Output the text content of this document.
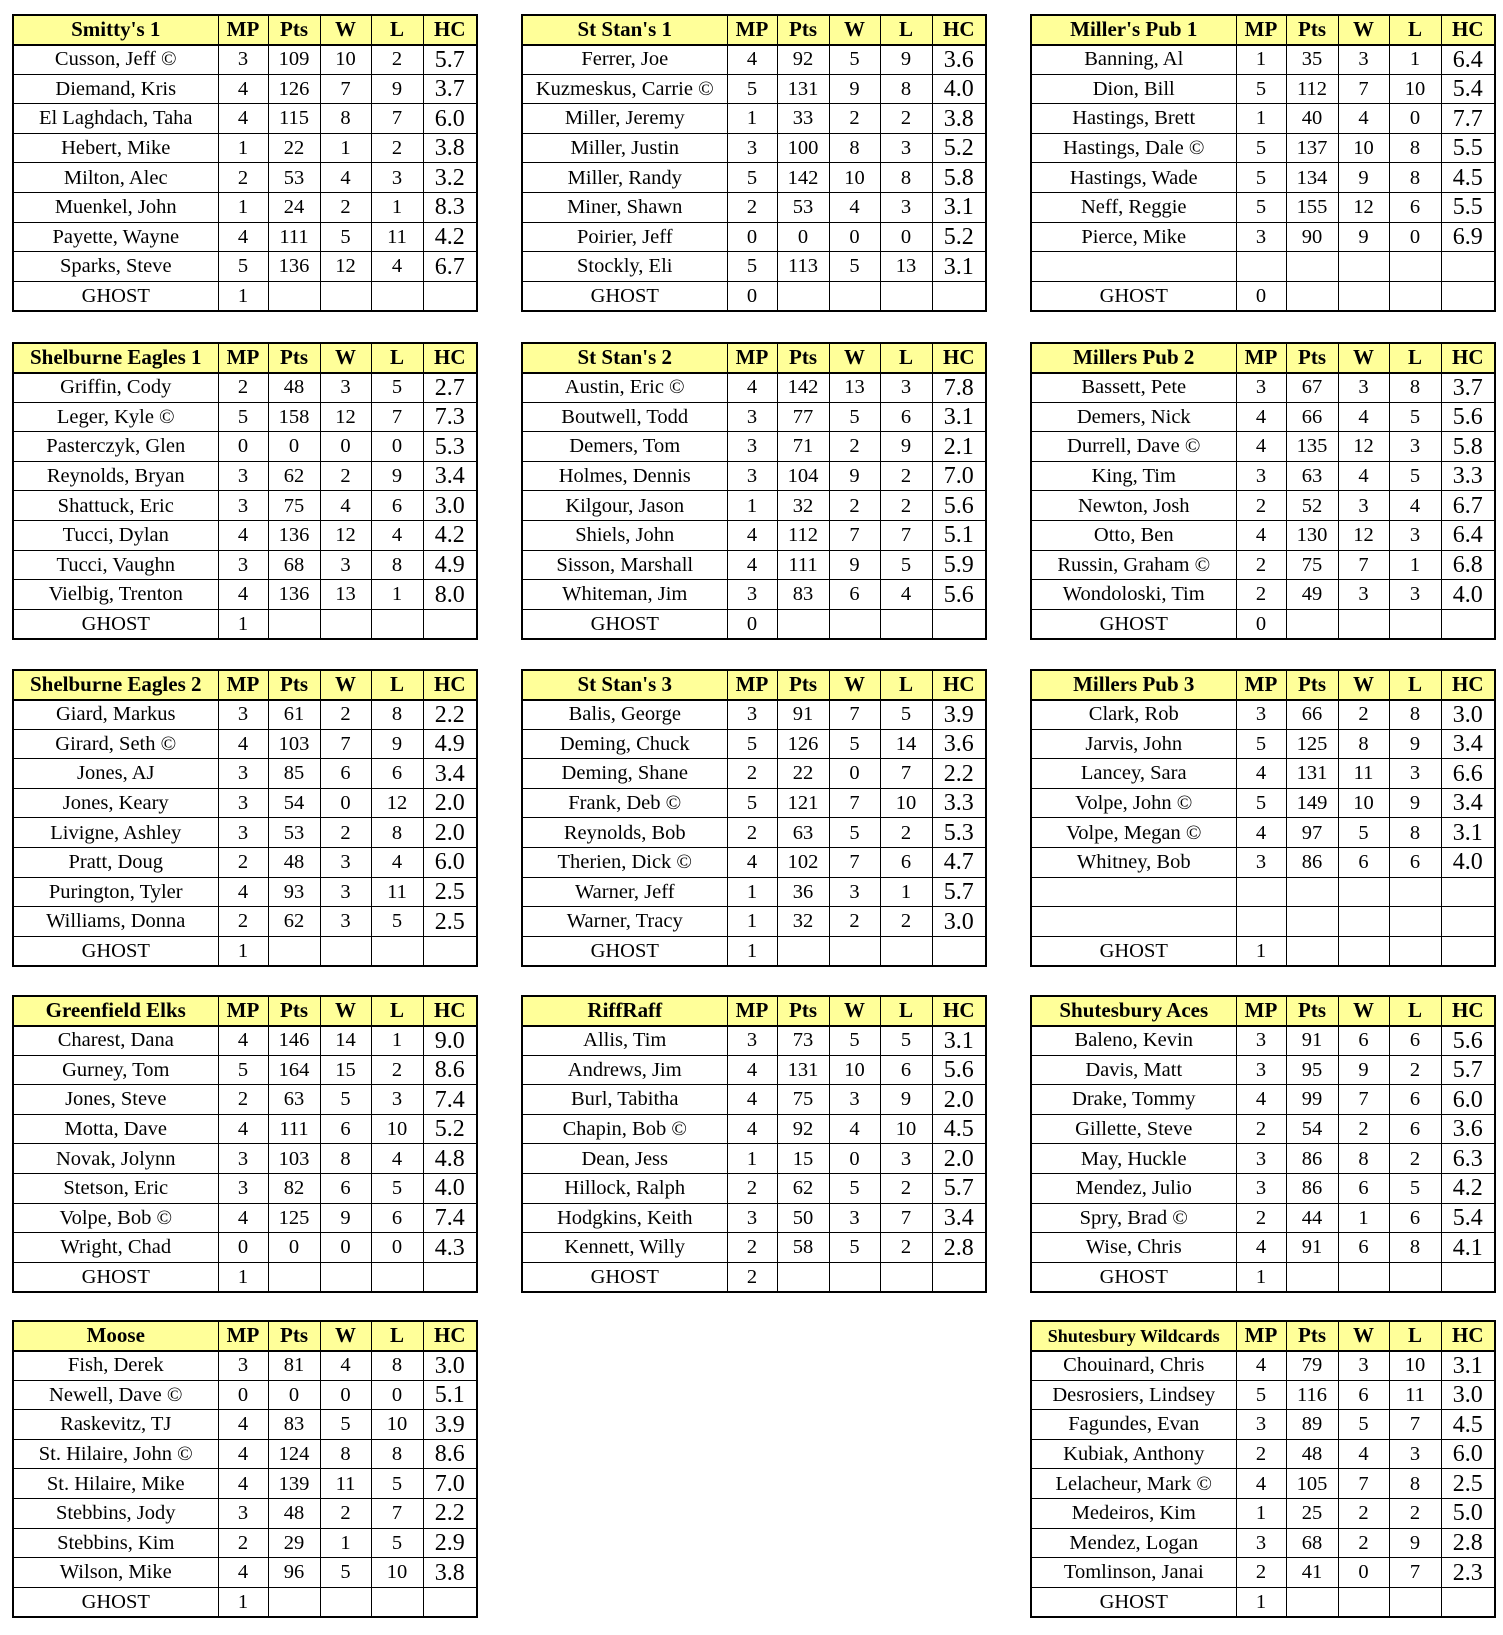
Smitty's 1	MP	Pts	W	L	HC
Cusson, Jeff ©	3	109	10	2	5.7
Diemand, Kris	4	126	7	9	3.7
El Laghdach, Taha	4	115	8	7	6.0
Hebert, Mike	1	22	1	2	3.8
Milton, Alec	2	53	4	3	3.2
Muenkel, John	1	24	2	1	8.3
Payette, Wayne	4	111	5	11	4.2
Sparks, Steve	5	136	12	4	6.7
GHOST	1				
St Stan's 1	MP	Pts	W	L	HC
Ferrer, Joe	4	92	5	9	3.6
Kuzmeskus, Carrie ©	5	131	9	8	4.0
Miller, Jeremy	1	33	2	2	3.8
Miller, Justin	3	100	8	3	5.2
Miller, Randy	5	142	10	8	5.8
Miner, Shawn	2	53	4	3	3.1
Poirier, Jeff	0	0	0	0	5.2
Stockly, Eli	5	113	5	13	3.1
GHOST	0				
Miller's Pub 1	MP	Pts	W	L	HC
Banning, Al	1	35	3	1	6.4
Dion, Bill	5	112	7	10	5.4
Hastings, Brett	1	40	4	0	7.7
Hastings, Dale ©	5	137	10	8	5.5
Hastings, Wade	5	134	9	8	4.5
Neff, Reggie	5	155	12	6	5.5
Pierce, Mike	3	90	9	0	6.9

GHOST	0				
Shelburne Eagles 1	MP	Pts	W	L	HC
Griffin, Cody	2	48	3	5	2.7
Leger, Kyle ©	5	158	12	7	7.3
Pasterczyk, Glen	0	0	0	0	5.3
Reynolds, Bryan	3	62	2	9	3.4
Shattuck, Eric	3	75	4	6	3.0
Tucci, Dylan	4	136	12	4	4.2
Tucci, Vaughn	3	68	3	8	4.9
Vielbig, Trenton	4	136	13	1	8.0
GHOST	1				
St Stan's 2	MP	Pts	W	L	HC
Austin, Eric ©	4	142	13	3	7.8
Boutwell, Todd	3	77	5	6	3.1
Demers, Tom	3	71	2	9	2.1
Holmes, Dennis	3	104	9	2	7.0
Kilgour, Jason	1	32	2	2	5.6
Shiels, John	4	112	7	7	5.1
Sisson, Marshall	4	111	9	5	5.9
Whiteman, Jim	3	83	6	4	5.6
GHOST	0				
Millers Pub 2	MP	Pts	W	L	HC
Bassett, Pete	3	67	3	8	3.7
Demers, Nick	4	66	4	5	5.6
Durrell, Dave ©	4	135	12	3	5.8
King, Tim	3	63	4	5	3.3
Newton, Josh	2	52	3	4	6.7
Otto, Ben	4	130	12	3	6.4
Russin, Graham ©	2	75	7	1	6.8
Wondoloski, Tim	2	49	3	3	4.0
GHOST	0				
Shelburne Eagles 2	MP	Pts	W	L	HC
Giard, Markus	3	61	2	8	2.2
Girard, Seth ©	4	103	7	9	4.9
Jones, AJ	3	85	6	6	3.4
Jones, Keary	3	54	0	12	2.0
Livigne, Ashley	3	53	2	8	2.0
Pratt, Doug	2	48	3	4	6.0
Purington, Tyler	4	93	3	11	2.5
Williams, Donna	2	62	3	5	2.5
GHOST	1				
St Stan's 3	MP	Pts	W	L	HC
Balis, George	3	91	7	5	3.9
Deming, Chuck	5	126	5	14	3.6
Deming, Shane	2	22	0	7	2.2
Frank, Deb ©	5	121	7	10	3.3
Reynolds, Bob	2	63	5	2	5.3
Therien, Dick ©	4	102	7	6	4.7
Warner, Jeff	1	36	3	1	5.7
Warner, Tracy	1	32	2	2	3.0
GHOST	1				
Millers Pub 3	MP	Pts	W	L	HC
Clark, Rob	3	66	2	8	3.0
Jarvis, John	5	125	8	9	3.4
Lancey, Sara	4	131	11	3	6.6
Volpe, John ©	5	149	10	9	3.4
Volpe, Megan ©	4	97	5	8	3.1
Whitney, Bob	3	86	6	6	4.0

GHOST	1				
Greenfield Elks	MP	Pts	W	L	HC
Charest, Dana	4	146	14	1	9.0
Gurney, Tom	5	164	15	2	8.6
Jones, Steve	2	63	5	3	7.4
Motta, Dave	4	111	6	10	5.2
Novak, Jolynn	3	103	8	4	4.8
Stetson, Eric	3	82	6	5	4.0
Volpe, Bob ©	4	125	9	6	7.4
Wright, Chad	0	0	0	0	4.3
GHOST	1				
RiffRaff	MP	Pts	W	L	HC
Allis, Tim	3	73	5	5	3.1
Andrews, Jim	4	131	10	6	5.6
Burl, Tabitha	4	75	3	9	2.0
Chapin, Bob ©	4	92	4	10	4.5
Dean, Jess	1	15	0	3	2.0
Hillock, Ralph	2	62	5	2	5.7
Hodgkins, Keith	3	50	3	7	3.4
Kennett, Willy	2	58	5	2	2.8
GHOST	2				
Shutesbury Aces	MP	Pts	W	L	HC
Baleno, Kevin	3	91	6	6	5.6
Davis, Matt	3	95	9	2	5.7
Drake, Tommy	4	99	7	6	6.0
Gillette, Steve	2	54	2	6	3.6
May, Huckle	3	86	8	2	6.3
Mendez, Julio	3	86	6	5	4.2
Spry, Brad ©	2	44	1	6	5.4
Wise, Chris	4	91	6	8	4.1
GHOST	1				
Moose	MP	Pts	W	L	HC
Fish, Derek	3	81	4	8	3.0
Newell, Dave ©	0	0	0	0	5.1
Raskevitz, TJ	4	83	5	10	3.9
St. Hilaire, John ©	4	124	8	8	8.6
St. Hilaire, Mike	4	139	11	5	7.0
Stebbins, Jody	3	48	2	7	2.2
Stebbins, Kim	2	29	1	5	2.9
Wilson, Mike	4	96	5	10	3.8
GHOST	1				
Shutesbury Wildcards	MP	Pts	W	L	HC
Chouinard, Chris	4	79	3	10	3.1
Desrosiers, Lindsey	5	116	6	11	3.0
Fagundes, Evan	3	89	5	7	4.5
Kubiak, Anthony	2	48	4	3	6.0
Lelacheur, Mark ©	4	105	7	8	2.5
Medeiros, Kim	1	25	2	2	5.0
Mendez, Logan	3	68	2	9	2.8
Tomlinson, Janai	2	41	0	7	2.3
GHOST	1				
